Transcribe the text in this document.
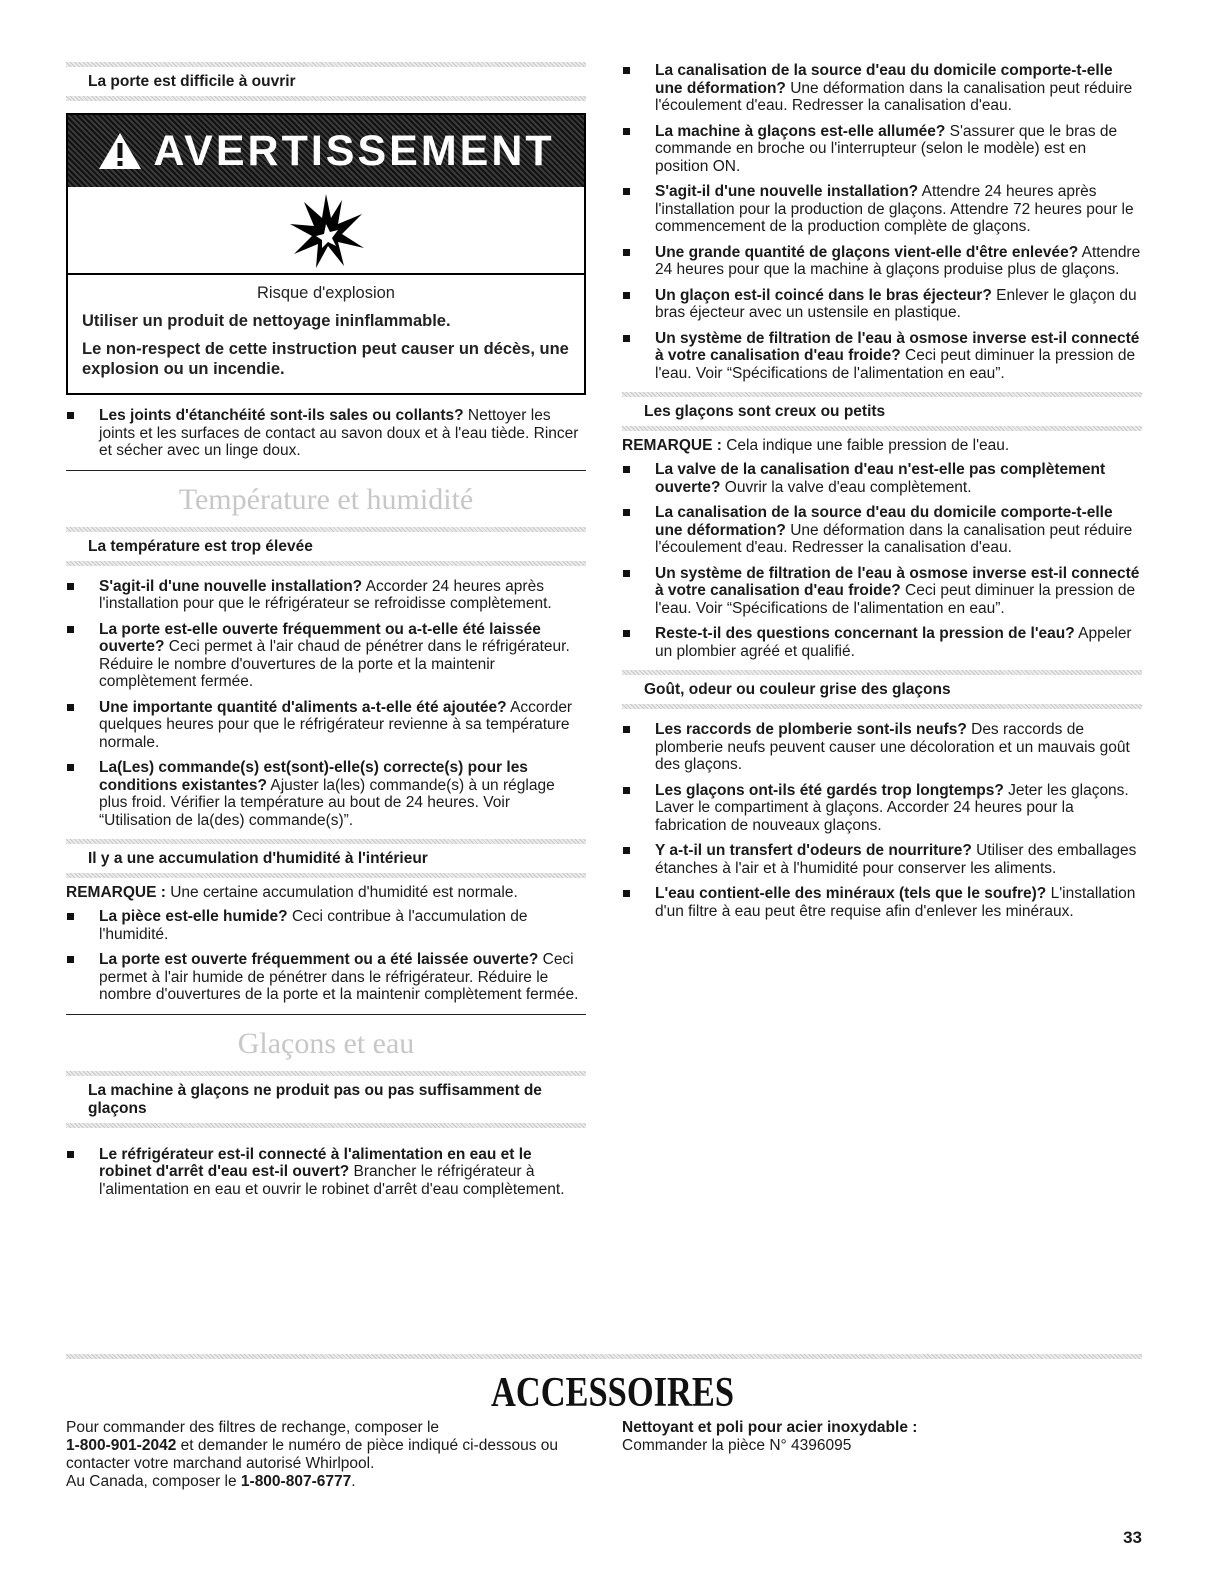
La porte est difficile à ouvrir

AVERTISSEMENT

Risque d'explosion

Utiliser un produit de nettoyage ininflammable.

Le non-respect de cette instruction peut causer un décès, une explosion ou un incendie.

Les joints d'étanchéité sont-ils sales ou collants? Nettoyer les joints et les surfaces de contact au savon doux et à l'eau tiède. Rincer et sécher avec un linge doux.
Température et humidité

La température est trop élevée

S'agit-il d'une nouvelle installation? Accorder 24 heures après l'installation pour que le réfrigérateur se refroidisse complètement.
La porte est-elle ouverte fréquemment ou a-t-elle été laissée ouverte? Ceci permet à l'air chaud de pénétrer dans le réfrigérateur. Réduire le nombre d'ouvertures de la porte et la maintenir complètement fermée.
Une importante quantité d'aliments a-t-elle été ajoutée? Accorder quelques heures pour que le réfrigérateur revienne à sa température normale.
La(Les) commande(s) est(sont)-elle(s) correcte(s) pour les conditions existantes? Ajuster la(les) commande(s) à un réglage plus froid. Vérifier la température au bout de 24 heures. Voir “Utilisation de la(des) commande(s)”.

Il y a une accumulation d'humidité à l'intérieur

REMARQUE : Une certaine accumulation d'humidité est normale.

La pièce est-elle humide? Ceci contribue à l'accumulation de l'humidité.
La porte est ouverte fréquemment ou a été laissée ouverte? Ceci permet à l'air humide de pénétrer dans le réfrigérateur. Réduire le nombre d'ouvertures de la porte et la maintenir complètement fermée.
Glaçons et eau

La machine à glaçons ne produit pas ou pas suffisamment de glaçons

Le réfrigérateur est-il connecté à l'alimentation en eau et le robinet d'arrêt d'eau est-il ouvert? Brancher le réfrigérateur à l'alimentation en eau et ouvrir le robinet d'arrêt d'eau complètement.
La canalisation de la source d'eau du domicile comporte-t-elle une déformation? Une déformation dans la canalisation peut réduire l'écoulement d'eau. Redresser la canalisation d'eau.
La machine à glaçons est-elle allumée? S'assurer que le bras de commande en broche ou l'interrupteur (selon le modèle) est en position ON.
S'agit-il d'une nouvelle installation? Attendre 24 heures après l'installation pour la production de glaçons. Attendre 72 heures pour le commencement de la production complète de glaçons.
Une grande quantité de glaçons vient-elle d'être enlevée? Attendre 24 heures pour que la machine à glaçons produise plus de glaçons.
Un glaçon est-il coincé dans le bras éjecteur? Enlever le glaçon du bras éjecteur avec un ustensile en plastique.
Un système de filtration de l'eau à osmose inverse est-il connecté à votre canalisation d'eau froide? Ceci peut diminuer la pression de l'eau. Voir “Spécifications de l'alimentation en eau”.

Les glaçons sont creux ou petits

REMARQUE : Cela indique une faible pression de l'eau.

La valve de la canalisation d'eau n'est-elle pas complètement ouverte? Ouvrir la valve d'eau complètement.
La canalisation de la source d'eau du domicile comporte-t-elle une déformation? Une déformation dans la canalisation peut réduire l'écoulement d'eau. Redresser la canalisation d'eau.
Un système de filtration de l'eau à osmose inverse est-il connecté à votre canalisation d'eau froide? Ceci peut diminuer la pression de l'eau. Voir “Spécifications de l'alimentation en eau”.
Reste-t-il des questions concernant la pression de l'eau? Appeler un plombier agréé et qualifié.

Goût, odeur ou couleur grise des glaçons

Les raccords de plomberie sont-ils neufs? Des raccords de plomberie neufs peuvent causer une décoloration et un mauvais goût des glaçons.
Les glaçons ont-ils été gardés trop longtemps? Jeter les glaçons. Laver le compartiment à glaçons. Accorder 24 heures pour la fabrication de nouveaux glaçons.
Y a-t-il un transfert d'odeurs de nourriture? Utiliser des emballages étanches à l'air et à l'humidité pour conserver les aliments.
L'eau contient-elle des minéraux (tels que le soufre)? L'installation d'un filtre à eau peut être requise afin d'enlever les minéraux.
ACCESSOIRES

Pour commander des filtres de rechange, composer le
1-800-901-2042 et demander le numéro de pièce indiqué ci-dessous ou contacter votre marchand autorisé Whirlpool.
Au Canada, composer le 1-800-807-6777.

Nettoyant et poli pour acier inoxydable :
Commander la pièce N° 4396095

33
